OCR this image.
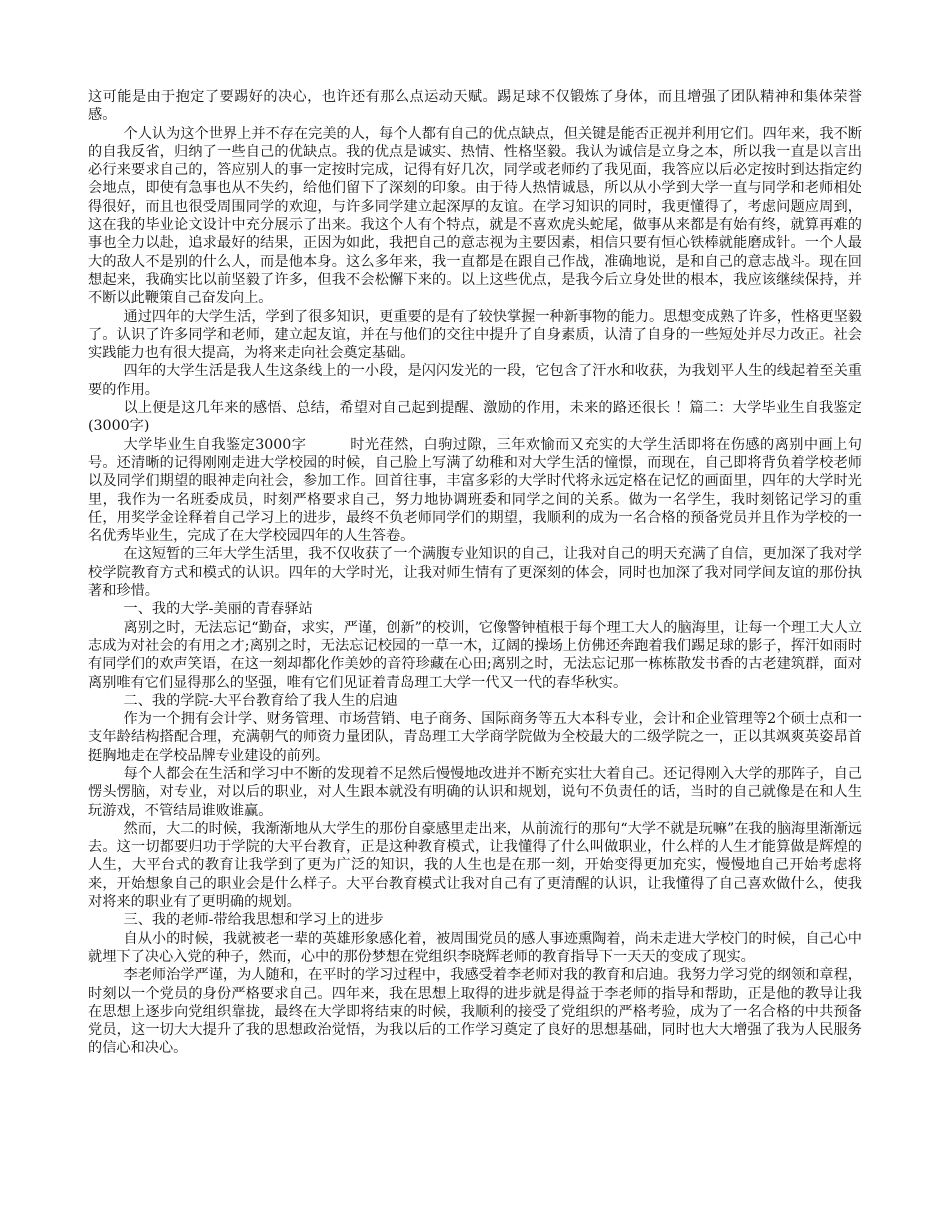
这可能是由于抱定了要踢好的决心，也许还有那么点运动天赋。踢足球不仅锻炼了身体，而且增强了团队精神和集体荣誉感。

个人认为这个世界上并不存在完美的人，每个人都有自己的优点缺点，但关键是能否正视并利用它们。四年来，我不断的自我反省，归纳了一些自己的优缺点。我的优点是诚实、热情、性格坚毅。我认为诚信是立身之本，所以我一直是以言出必行来要求自己的，答应别人的事一定按时完成，记得有好几次，同学或老师约了我见面，我答应以后必定按时到达指定约会地点，即使有急事也从不失约，给他们留下了深刻的印象。由于待人热情诚恳，所以从小学到大学一直与同学和老师相处得很好，而且也很受周围同学的欢迎，与许多同学建立起深厚的友谊。在学习知识的同时，我更懂得了，考虑问题应周到，这在我的毕业论文设计中充分展示了出来。我这个人有个特点，就是不喜欢虎头蛇尾，做事从来都是有始有终，就算再难的事也全力以赴，追求最好的结果，正因为如此，我把自己的意志视为主要因素，相信只要有恒心铁棒就能磨成针。一个人最大的敌人不是别的什么人，而是他本身。这么多年来，我一直都是在跟自己作战，准确地说，是和自己的意志战斗。现在回想起来，我确实比以前坚毅了许多，但我不会松懈下来的。以上这些优点，是我今后立身处世的根本，我应该继续保持，并不断以此鞭策自己奋发向上。

通过四年的大学生活，学到了很多知识，更重要的是有了较快掌握一种新事物的能力。思想变成熟了许多，性格更坚毅了。认识了许多同学和老师，建立起友谊，并在与他们的交往中提升了自身素质，认清了自身的一些短处并尽力改正。社会实践能力也有很大提高，为将来走向社会奠定基础。

四年的大学生活是我人生这条线上的一小段，是闪闪发光的一段，它包含了汗水和收获，为我划平人生的线起着至关重要的作用。

以上便是这几年来的感悟、总结，希望对自己起到提醒、激励的作用，未来的路还很长 ！篇二：大学毕业生自我鉴定(3000字)

大学毕业生自我鉴定3000字　　　时光荏然，白驹过隙，三年欢愉而又充实的大学生活即将在伤感的离别中画上句号。还清晰的记得刚刚走进大学校园的时候，自己脸上写满了幼稚和对大学生活的憧憬，而现在，自己即将背负着学校老师以及同学们期望的眼神走向社会，参加工作。回首往事，丰富多彩的大学时代将永远定格在记忆的画面里，四年的大学时光里，我作为一名班委成员，时刻严格要求自己，努力地协调班委和同学之间的关系。做为一名学生，我时刻铭记学习的重任，用奖学金诠释着自己学习上的进步，最终不负老师同学们的期望，我顺利的成为一名合格的预备党员并且作为学校的一名优秀毕业生，完成了在大学校园四年的人生答卷。

在这短暂的三年大学生活里，我不仅收获了一个满腹专业知识的自己，让我对自己的明天充满了自信，更加深了我对学校学院教育方式和模式的认识。四年的大学时光，让我对师生情有了更深刻的体会，同时也加深了我对同学间友谊的那份执著和珍惜。

一、我的大学-美丽的青春驿站

离别之时，无法忘记“勤奋，求实，严谨，创新”的校训，它像警钟植根于每个理工大人的脑海里，让每一个理工大人立志成为对社会的有用之才;离别之时，无法忘记校园的一草一木，辽阔的操场上仿佛还奔跑着我们踢足球的影子，挥汗如雨时有同学们的欢声笑语，在这一刻却都化作美妙的音符珍藏在心田;离别之时，无法忘记那一栋栋散发书香的古老建筑群，面对离别唯有它们显得那么的坚强，唯有它们见证着青岛理工大学一代又一代的春华秋实。

二、我的学院-大平台教育给了我人生的启迪

作为一个拥有会计学、财务管理、市场营销、电子商务、国际商务等五大本科专业，会计和企业管理等2个硕士点和一支年龄结构搭配合理，充满朝气的师资力量团队，青岛理工大学商学院做为全校最大的二级学院之一，正以其飒爽英姿昂首挺胸地走在学校品牌专业建设的前列。

每个人都会在生活和学习中不断的发现着不足然后慢慢地改进并不断充实壮大着自己。还记得刚入大学的那阵子，自己愣头愣脑，对专业，对以后的职业，对人生跟本就没有明确的认识和规划，说句不负责任的话，当时的自己就像是在和人生玩游戏，不管结局谁败谁赢。

然而，大二的时候，我渐渐地从大学生的那份自豪感里走出来，从前流行的那句“大学不就是玩嘛”在我的脑海里渐渐远去。这一切都要归功于学院的大平台教育，正是这种教育模式，让我懂得了什么叫做职业，什么样的人生才能算做是辉煌的人生，大平台式的教育让我学到了更为广泛的知识，我的人生也是在那一刻，开始变得更加充实，慢慢地自己开始考虑将来，开始想象自己的职业会是什么样子。大平台教育模式让我对自己有了更清醒的认识，让我懂得了自己喜欢做什么，使我对将来的职业有了更明确的规划。

三、我的老师-带给我思想和学习上的进步

自从小的时候，我就被老一辈的英雄形象感化着，被周围党员的感人事迹熏陶着，尚未走进大学校门的时候，自己心中就埋下了决心入党的种子，然而，心中的那份梦想在党组织李晓辉老师的教育指导下一天天的变成了现实。

李老师治学严谨，为人随和，在平时的学习过程中，我感受着李老师对我的教育和启迪。我努力学习党的纲领和章程，时刻以一个党员的身份严格要求自己。四年来，我在思想上取得的进步就是得益于李老师的指导和帮助，正是他的教导让我在思想上逐步向党组织靠拢，最终在大学即将结束的时候，我顺利的接受了党组织的严格考验，成为了一名合格的中共预备党员，这一切大大提升了我的思想政治觉悟，为我以后的工作学习奠定了良好的思想基础，同时也大大增强了我为人民服务的信心和决心。
